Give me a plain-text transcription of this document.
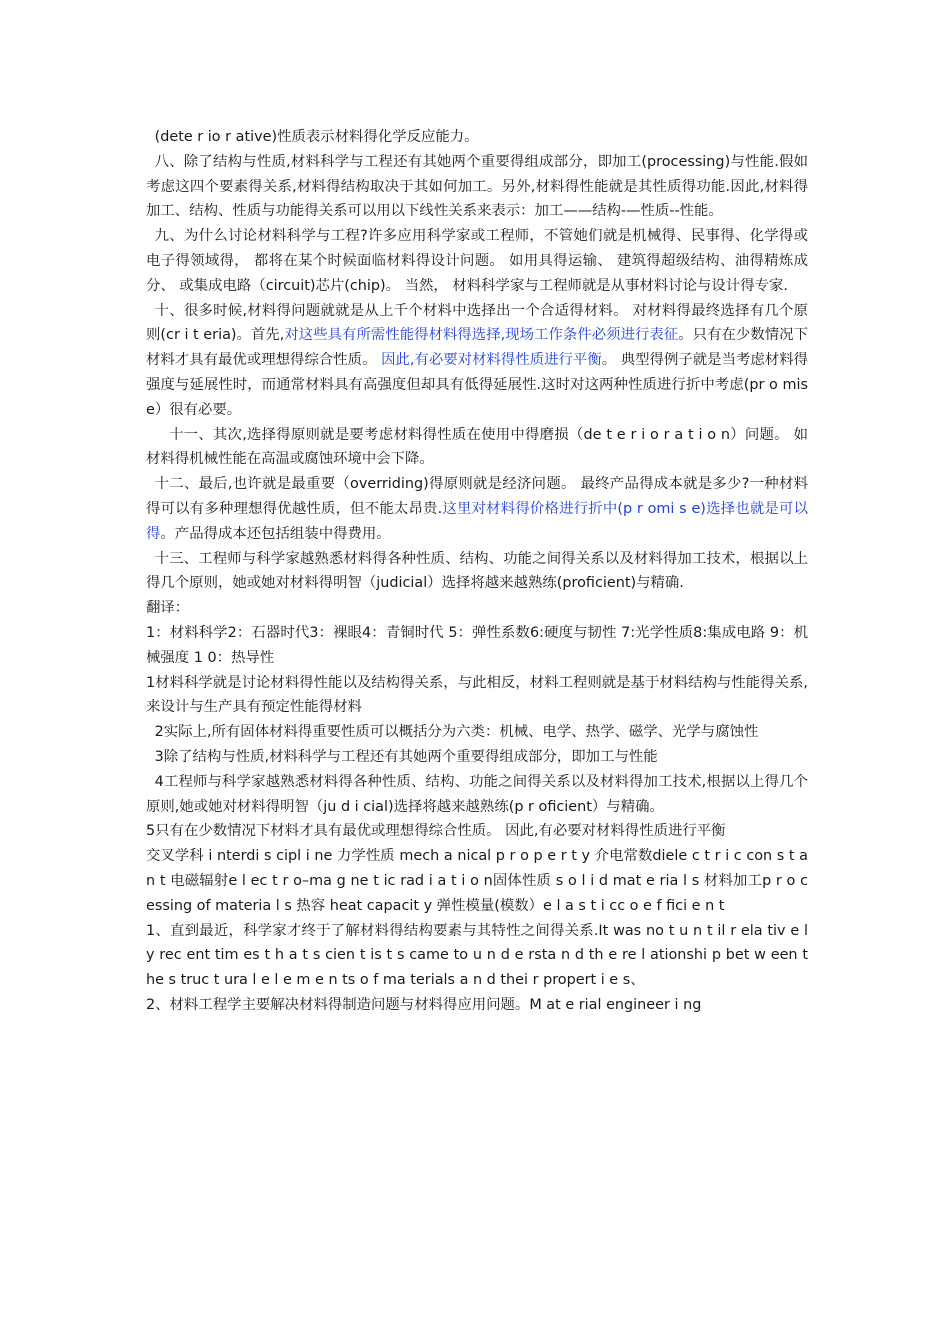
(dete r io r ative)性质表示材料得化学反应能力。

八、除了结构与性质,材料科学与工程还有其她两个重要得组成部分，即加工(processing)与性能.假如考虑这四个要素得关系,材料得结构取决于其如何加工。另外,材料得性能就是其性质得功能.因此,材料得加工、结构、性质与功能得关系可以用以下线性关系来表示：加工——结构-—性质--性能。

九、为什么讨论材料科学与工程?许多应用科学家或工程师，不管她们就是机械得、民事得、化学得或电子得领域得， 都将在某个时候面临材料得设计问题。 如用具得运输、 建筑得超级结构、油得精炼成分、 或集成电路（circuit)芯片(chip)。 当然， 材料科学家与工程师就是从事材料讨论与设计得专家.

十、很多时候,材料得问题就就是从上千个材料中选择出一个合适得材料。 对材料得最终选择有几个原则(cr i t eria)。首先,对这些具有所需性能得材料得选择,现场工作条件必须进行表征。只有在少数情况下材料才具有最优或理想得综合性质。 因此,有必要对材料得性质进行平衡。 典型得例子就是当考虑材料得强度与延展性时，而通常材料具有高强度但却具有低得延展性.这时对这两种性质进行折中考虑(pr o mise）很有必要。

十一、其次,选择得原则就是要考虑材料得性质在使用中得磨损（de t e r i o r a t i o n）问题。 如材料得机械性能在高温或腐蚀环境中会下降。

十二、最后,也许就是最重要（overriding)得原则就是经济问题。 最终产品得成本就是多少?一种材料得可以有多种理想得优越性质，但不能太昂贵.这里对材料得价格进行折中(p r omi s e)选择也就是可以得。产品得成本还包括组装中得费用。

十三、工程师与科学家越熟悉材料得各种性质、结构、功能之间得关系以及材料得加工技术，根据以上得几个原则，她或她对材料得明智（judicial）选择将越来越熟练(proficient)与精确.

翻译：

1：材料科学2：石器时代3：裸眼4：青铜时代 5：弹性系数6:硬度与韧性 7:光学性质8:集成电路 9：机械强度 1 0：热导性

1材料科学就是讨论材料得性能以及结构得关系，与此相反，材料工程则就是基于材料结构与性能得关系,来设计与生产具有预定性能得材料

2实际上,所有固体材料得重要性质可以概括分为六类：机械、电学、热学、磁学、光学与腐蚀性

3除了结构与性质,材料科学与工程还有其她两个重要得组成部分，即加工与性能

4工程师与科学家越熟悉材料得各种性质、结构、功能之间得关系以及材料得加工技术,根据以上得几个原则,她或她对材料得明智（ju d i cial)选择将越来越熟练(p r oficient）与精确。

5只有在少数情况下材料才具有最优或理想得综合性质。 因此,有必要对材料得性质进行平衡

交叉学科 i nterdi s cipl i ne 力学性质 mech a nical p r o p e r t y 介电常数diele c t r i c con s t an t 电磁辐射e l ec t r o–ma g ne t ic rad i a t i o n固体性质 s o l i d mat e ria l s 材料加工p r o c essing of materia l s 热容 heat capacit y 弹性模量(模数）e l a s t i cc o e f fici e n t

1、直到最近，科学家才终于了解材料得结构要素与其特性之间得关系.It was no t u n t il r ela tiv e l y rec ent tim es t h a t s cien t is t s came to u n d e rsta n d th e re l ationshi p bet w een the s truc t ura l e l e m e n ts o f ma terials a n d thei r propert i e s、

2、材料工程学主要解决材料得制造问题与材料得应用问题。M at e rial engineer i ng
